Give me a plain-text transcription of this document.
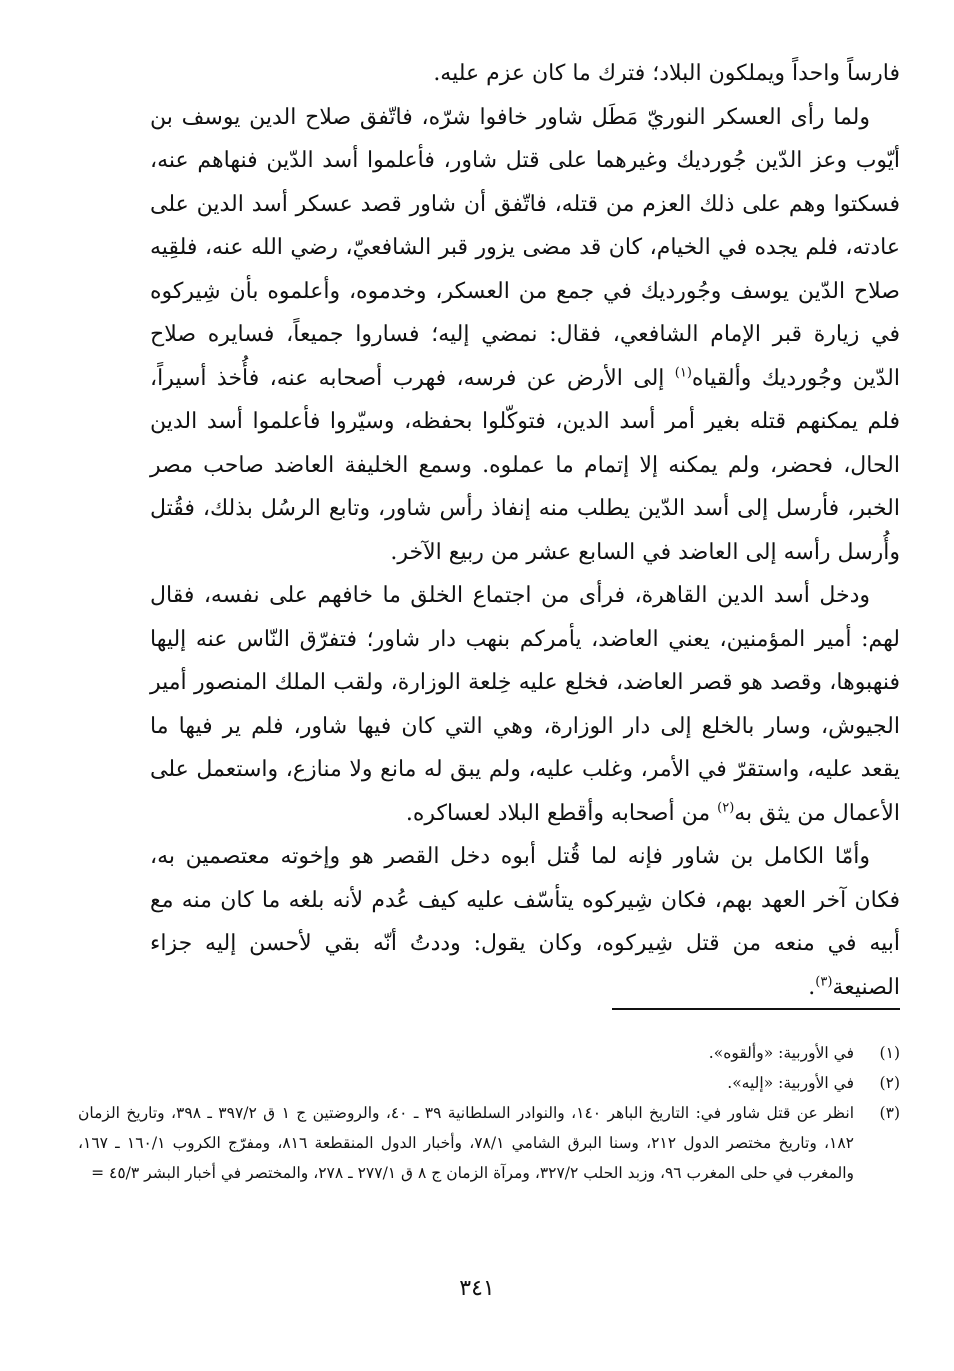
فارساً واحداً ويملكون البلاد؛ فترك ما كان عزم عليه.

ولما رأى العسكر النوريّ مَطَل شاور خافوا شرّه، فاتّفق صلاح الدين يوسف بن أيّوب وعز الدّين جُورديك وغيرهما على قتل شاور، فأعلموا أسد الدّين فنهاهم عنه، فسكتوا وهم على ذلك العزم من قتله، فاتّفق أن شاور قصد عسكر أسد الدين على عادته، فلم يجده في الخيام، كان قد مضى يزور قبر الشافعيّ، رضي الله عنه، فلقِيه صلاح الدّين يوسف وجُورديك في جمع من العسكر، وخدموه، وأعلموه بأن شِيركوه في زيارة قبر الإمام الشافعي، فقال: نمضي إليه؛ فساروا جميعاً، فسايره صلاح الدّين وجُورديك وألقياه$^{(١)}$ إلى الأرض عن فرسه، فهرب أصحابه عنه، فأُخذ أسيراً، فلم يمكنهم قتله بغير أمر أسد الدين، فتوكّلوا بحفظه، وسيّروا فأعلموا أسد الدين الحال، فحضر، ولم يمكنه إلا إتمام ما عملوه. وسمع الخليفة العاضد صاحب مصر الخبر، فأرسل إلى أسد الدّين يطلب منه إنفاذ رأس شاور، وتابع الرسُل بذلك، فقُتل وأُرسل رأسه إلى العاضد في السابع عشر من ربيع الآخر.

ودخل أسد الدين القاهرة، فرأى من اجتماع الخلق ما خافهم على نفسه، فقال لهم: أمير المؤمنين، يعني العاضد، يأمركم بنهب دار شاور؛ فتفرّق النّاس عنه إليها فنهبوها، وقصد هو قصر العاضد، فخلع عليه خِلعة الوزارة، ولقب الملك المنصور أمير الجيوش، وسار بالخلع إلى دار الوزارة، وهي التي كان فيها شاور، فلم ير فيها ما يقعد عليه، واستقرّ في الأمر، وغلب عليه، ولم يبق له مانع ولا منازع، واستعمل على الأعمال من يثق به$^{(٢)}$ من أصحابه وأقطع البلاد لعساكره.

وأمّا الكامل بن شاور فإنه لما قُتل أبوه دخل القصر هو وإخوته معتصمين به، فكان آخر العهد بهم، فكان شِيركوه يتأسّف عليه كيف عُدم لأنه بلغه ما كان منه مع أبيه في منعه من قتل شِيركوه، وكان يقول: وددتُ أنّه بقي لأحسن إليه جزاء الصنيعة$^{(٣)}$.

(١)
في الأوربية: «وألقوه».
(٢)
في الأوربية: «إليه».
(٣)
انظر عن قتل شاور في: التاريخ الباهر ١٤٠، والنوادر السلطانية ٣٩ ـ ٤٠، والروضتين ج ١ ق ٣٩٧/٢ ـ ٣٩٨، وتاريخ الزمان ١٨٢، وتاريخ مختصر الدول ٢١٢، وسنا البرق الشامي ٧٨/١، وأخبار الدول المنقطعة ٨١٦، ومفرّج الكروب ١٦٠/١ ـ ١٦٧، والمغرب في حلى المغرب ٩٦، وزبد الحلب ٣٢٧/٢، ومرآة الزمان ج ٨ ق ٢٧٧/١ ـ ٢٧٨، والمختصر في أخبار البشر ٤٥/٣ =
٣٤١
